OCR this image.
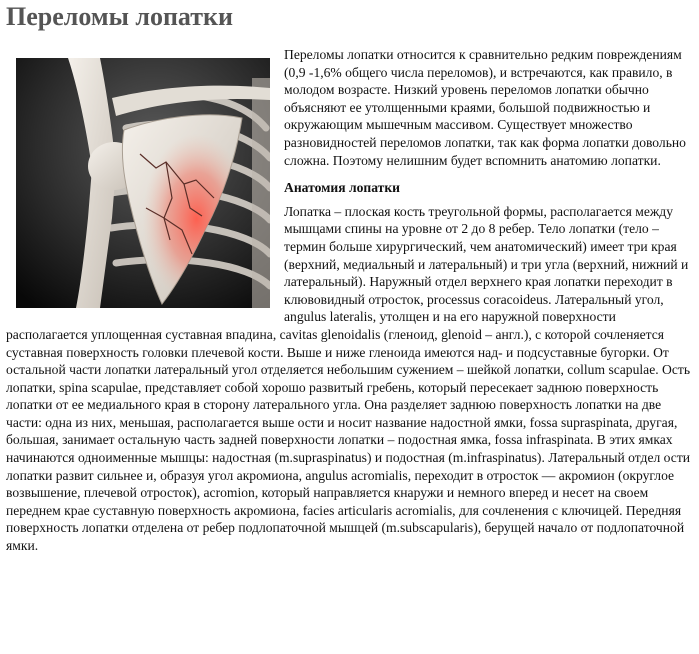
Переломы лопатки

Переломы лопатки относится к сравнительно редким повреждениям (0,9 -1,6% общего числа переломов), и встречаются, как правило, в молодом возрасте. Низкий уровень переломов лопатки обычно объясняют ее утолщенными краями, большой подвижностью и окружающим мышечным массивом. Существует множество разновидностей переломов лопатки, так как форма лопатки довольно сложна. Поэтому нелишним будет вспомнить анатомию лопатки.

Анатомия лопатки

Лопатка – плоская кость треугольной формы, располагается между мышцами спины на уровне от 2 до 8 ребер. Тело лопатки (тело – термин больше хирургический, чем анатомический) имеет три края (верхний, медиальный и латеральный) и три угла (верхний, нижний и латеральный). Наружный отдел верхнего края лопатки переходит в клювовидный отросток, processus coracoideus. Латеральный угол, angulus lateralis, утолщен и на его наружной поверхности располагается уплощенная суставная впадина, cavitas glenoidalis (гленоид, glenoid – англ.), с которой сочленяется суставная поверхность головки плечевой кости. Выше и ниже гленоида имеются над- и подсуставные бугорки. От остальной части лопатки латеральный угол отделяется небольшим сужением – шейкой лопатки, collum scapulae. Ость лопатки, spina scapulae, представляет собой хорошо развитый гребень, который пересекает заднюю поверхность лопатки от ее медиального края в сторону латерального угла. Она разделяет заднюю поверхность лопатки на две части: одна из них, меньшая, располагается выше ости и носит название надостной ямки, fossa supraspinata, другая, большая, занимает остальную часть задней поверхности лопатки – подостная ямка, fossa infraspinata. В этих ямках начинаются одноименные мышцы: надостная (m.supraspinatus) и подостная (m.infraspinatus). Латеральный отдел ости лопатки развит сильнее и, образуя угол акромиона, angulus acromialis, переходит в отросток — акромион (округлое возвышение, плечевой отросток), acromion, который направляется кнаружи и немного вперед и несет на своем переднем крае суставную поверхность акромиона, facies articularis acromialis, для сочленения с ключицей. Передняя поверхность лопатки отделена от ребер подлопаточной мышцей (m.subscapularis), берущей начало от подлопаточной ямки.
